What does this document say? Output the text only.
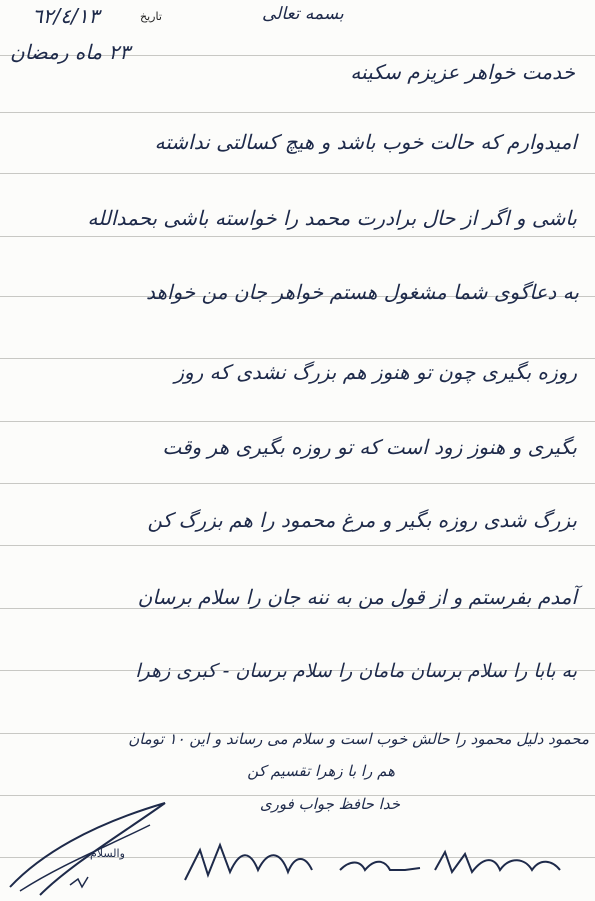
بسمه تعالی
تاریخ
٦٢/٤/١٣
٢٣ ماه رمضان
خدمت خواهر عزیزم سکینه
امیدوارم که حالت خوب باشد و هیچ کسالتی نداشته
باشی و اگر از حال برادرت محمد را خواسته باشی بحمدالله
به دعاگوی شما مشغول هستم خواهر جان من خواهد
روزه بگیری چون تو هنوز هم بزرگ نشدی که روز
بگیری و هنوز زود است که تو روزه بگیری هر وقت
بزرگ شدی روزه بگیر و مرغ محمود را هم بزرگ کن
آمدم بفرستم و از قول من به ننه جان را سلام برسان
به بابا را سلام برسان مامان را سلام برسان - کبری زهرا
محمود دلیل محمود را حالش خوب است و سلام می رساند و این ١٠ تومان
هم را با زهرا تقسیم کن
خدا حافظ جواب فوری
والسلام
